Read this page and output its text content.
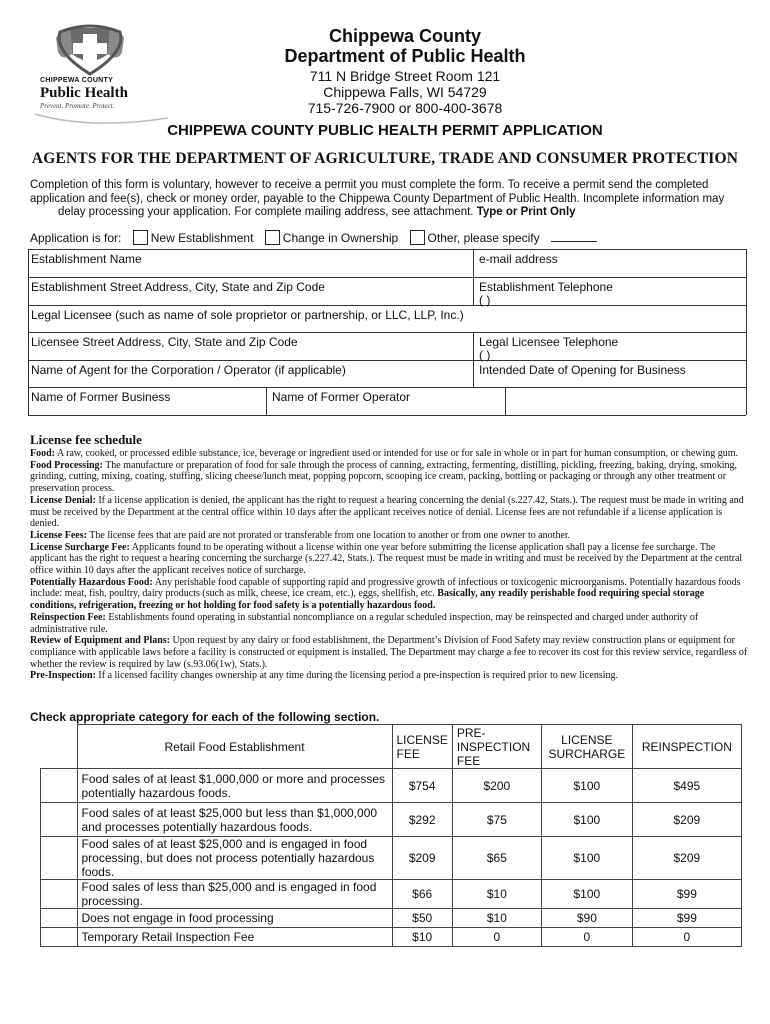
CHIPPEWA COUNTY
Public Health
Prevent. Promote. Protect.
Chippewa County
Department of Public Health
711 N Bridge Street Room 121
Chippewa Falls, WI 54729
715-726-7900 or 800-400-3678
CHIPPEWA COUNTY PUBLIC HEALTH PERMIT APPLICATION
AGENTS FOR THE DEPARTMENT OF AGRICULTURE, TRADE AND CONSUMER PROTECTION
Completion of this form is voluntary, however to receive a permit you must complete the form. To receive a permit send the completed
application and fee(s), check or money order, payable to the Chippewa County Department of Public Health. Incomplete information may
delay processing your application. For complete mailing address, see attachment. Type or Print Only
Application is for: New Establishment Change in Ownership Other, please specify
Establishment Name	e-mail address
Establishment Street Address, City, State and Zip Code	Establishment Telephone
( )
Legal Licensee (such as name of sole proprietor or partnership, or LLC, LLP, Inc.)
Licensee Street Address, City, State and Zip Code	Legal Licensee Telephone
( )
Name of Agent for the Corporation / Operator (if applicable)	Intended Date of Opening for Business
Name of Former Business	Name of Former Operator
License fee schedule
Food: A raw, cooked, or processed edible substance, ice, beverage or ingredient used or intended for use or for sale in whole or in part for human consumption, or chewing gum.
Food Processing: The manufacture or preparation of food for sale through the process of canning, extracting, fermenting, distilling, pickling, freezing, baking, drying, smoking, grinding, cutting, mixing, coating, stuffing, slicing cheese/lunch meat, popping popcorn, scooping ice cream, packing, bottling or packaging or through any other treatment or preservation process.
License Denial: If a license application is denied, the applicant has the right to request a hearing concerning the denial (s.227.42, Stats.). The request must be made in writing and must be received by the Department at the central office within 10 days after the applicant receives notice of denial. License fees are not refundable if a license application is denied.
License Fees: The license fees that are paid are not prorated or transferable from one location to another or from one owner to another.
License Surcharge Fee: Applicants found to be operating without a license within one year before submitting the license application shall pay a license fee surcharge. The applicant has the right to request a hearing concerning the surcharge (s.227.42, Stats.). The request must be made in writing and must be received by the Department at the central office within 10 days after the applicant receives notice of surcharge.
Potentially Hazardous Food: Any perishable food capable of supporting rapid and progressive growth of infectious or toxicogenic microorganisms. Potentially hazardous foods include: meat, fish, poultry, dairy products (such as milk, cheese, ice cream, etc.), eggs, shellfish, etc. Basically, any readily perishable food requiring special storage conditions, refrigeration, freezing or hot holding for food safety is a potentially hazardous food.
Reinspection Fee: Establishments found operating in substantial noncompliance on a regular scheduled inspection, may be reinspected and charged under authority of administrative rule.
Review of Equipment and Plans: Upon request by any dairy or food establishment, the Department’s Division of Food Safety may review construction plans or equipment for compliance with applicable laws before a facility is constructed or equipment is installed. The Department may charge a fee to recover its cost for this review service, regardless of whether the review is required by law (s.93.06(1w), Stats.).
Pre-Inspection: If a licensed facility changes ownership at any time during the licensing period a pre-inspection is required prior to new licensing.
Check appropriate category for each of the following section.
	Retail Food Establishment	LICENSE FEE	PRE-INSPECTION FEE	LICENSE SURCHARGE	REINSPECTION
	Food sales of at least $1,000,000 or more and processes potentially hazardous foods.	$754	$200	$100	$495
	Food sales of at least $25,000 but less than $1,000,000 and processes potentially hazardous foods.	$292	$75	$100	$209
	Food sales of at least $25,000 and is engaged in food processing, but does not process potentially hazardous foods.	$209	$65	$100	$209
	Food sales of less than $25,000 and is engaged in food processing.	$66	$10	$100	$99
	Does not engage in food processing	$50	$10	$90	$99
	Temporary Retail Inspection Fee	$10	0	0	0
